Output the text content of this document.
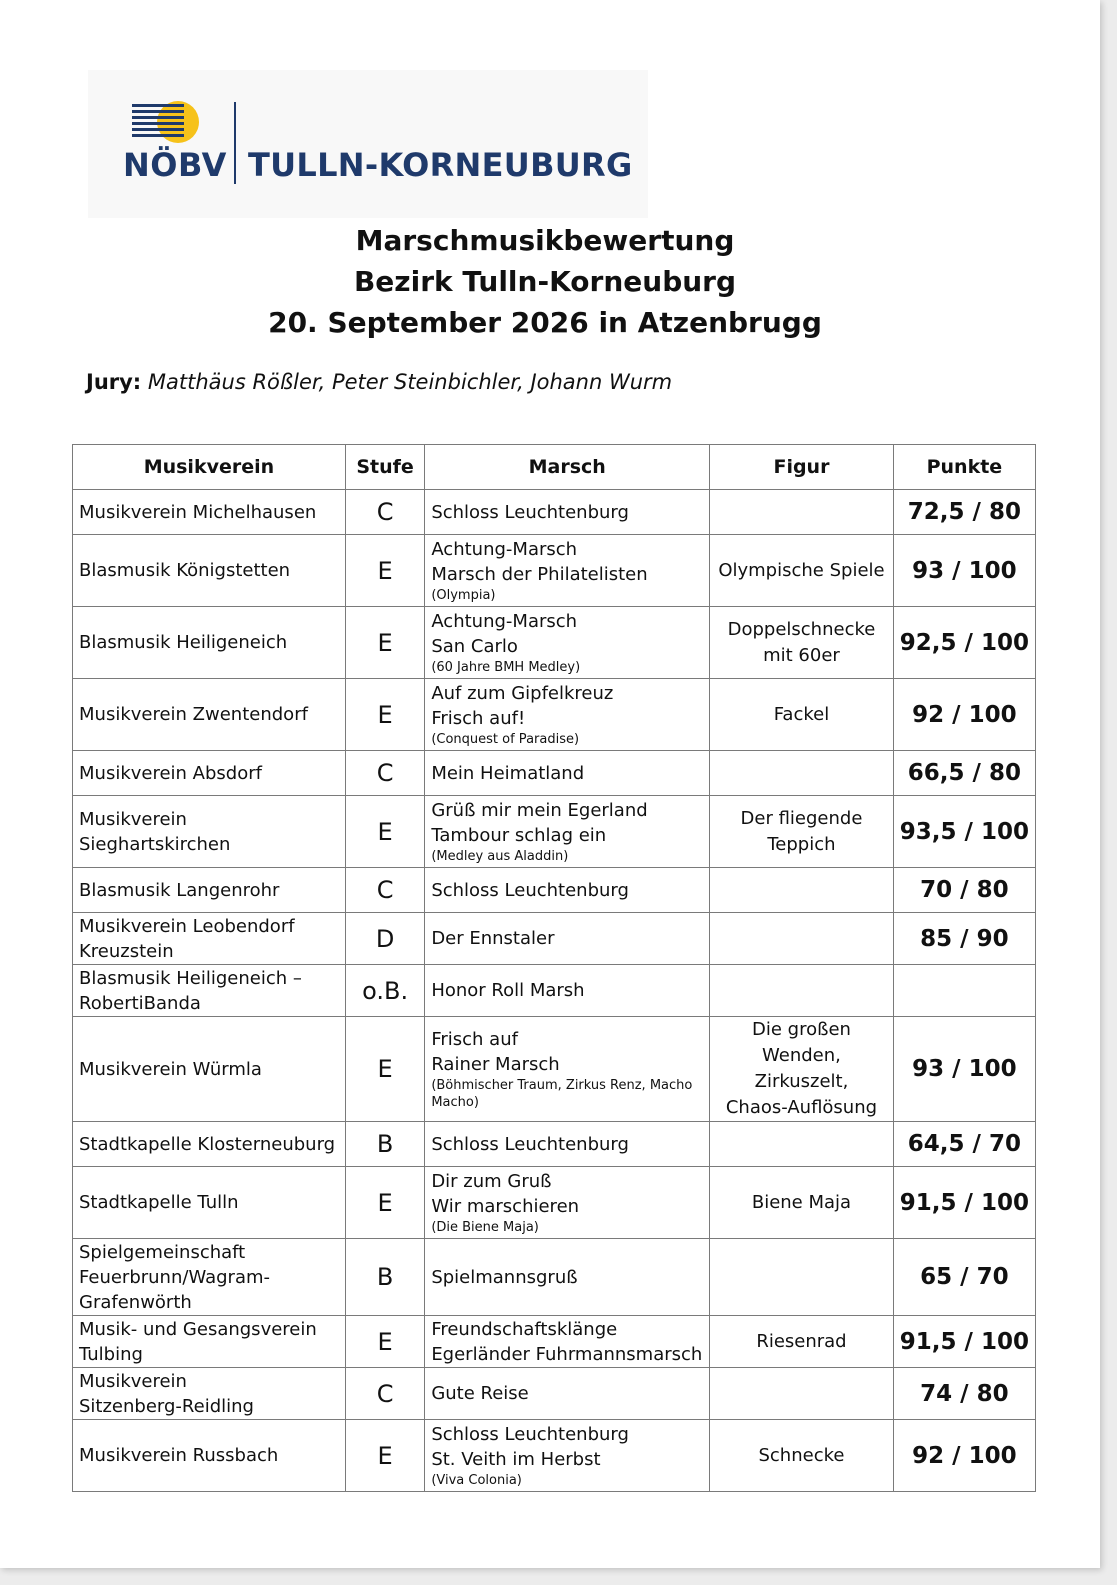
NÖBV TULLN-KORNEUBURG
Marschmusikbewertung
Bezirk Tulln-Korneuburg
20. September 2026 in Atzenbrugg
Jury: Matthäus Rößler, Peter Steinbichler, Johann Wurm
Musikverein	Stufe	Marsch	Figur	Punkte

Musikverein Michelhausen	C	Schloss Leuchtenburg		72,5 / 80

Blasmusik Königstetten	E	Achtung-Marsch
Marsch der Philatelisten
(Olympia)	Olympische Spiele	93 / 100

Blasmusik Heiligeneich	E	Achtung-Marsch
San Carlo
(60 Jahre BMH Medley)	Doppelschnecke
mit 60er	92,5 / 100

Musikverein Zwentendorf	E	Auf zum Gipfelkreuz
Frisch auf!
(Conquest of Paradise)	Fackel	92 / 100

Musikverein Absdorf	C	Mein Heimatland		66,5 / 80

Musikverein Sieghartskirchen	E	Grüß mir mein Egerland
Tambour schlag ein
(Medley aus Aladdin)	Der fliegende
Teppich	93,5 / 100

Blasmusik Langenrohr	C	Schloss Leuchtenburg		70 / 80

Musikverein Leobendorf
Kreuzstein	D	Der Ennstaler		85 / 90

Blasmusik Heiligeneich –
RobertiBanda	o.B.	Honor Roll Marsh		

Musikverein Würmla	E	Frisch auf
Rainer Marsch
(Böhmischer Traum, Zirkus Renz, Macho Macho)	Die großen
Wenden, Zirkuszelt,
Chaos-Auflösung	93 / 100

Stadtkapelle Klosterneuburg	B	Schloss Leuchtenburg		64,5 / 70

Stadtkapelle Tulln	E	Dir zum Gruß
Wir marschieren
(Die Biene Maja)	Biene Maja	91,5 / 100

Spielgemeinschaft
Feuerbrunn/Wagram-
Grafenwörth	B	Spielmannsgruß		65 / 70

Musik- und Gesangsverein
Tulbing	E	Freundschaftsklänge
Egerländer Fuhrmannsmarsch	Riesenrad	91,5 / 100

Musikverein
Sitzenberg-Reidling	C	Gute Reise		74 / 80

Musikverein Russbach	E	Schloss Leuchtenburg
St. Veith im Herbst
(Viva Colonia)	Schnecke	92 / 100
